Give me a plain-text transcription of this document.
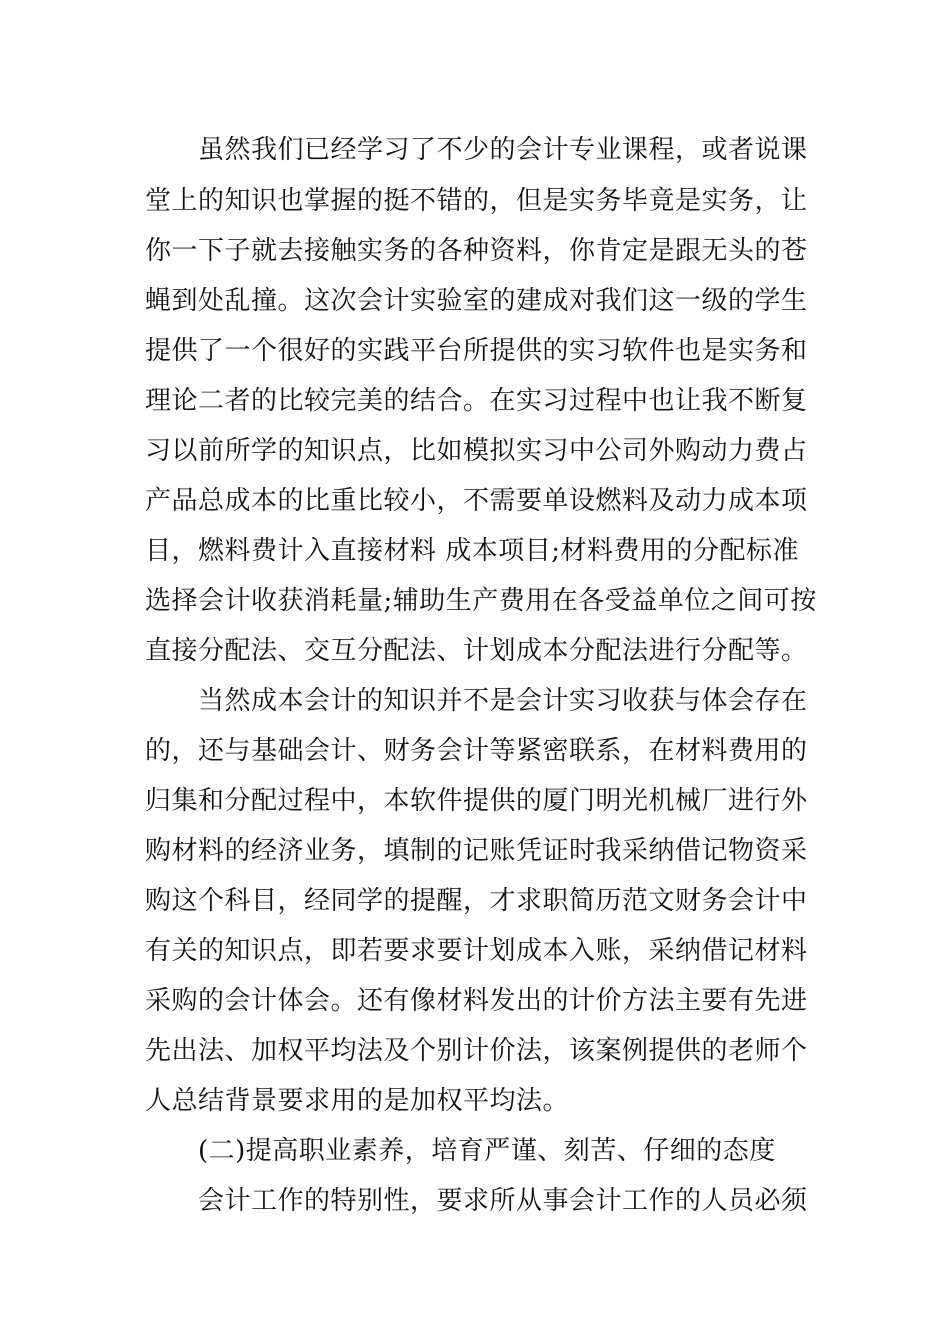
虽然我们已经学习了不少的会计专业课程，或者说课
堂上的知识也掌握的挺不错的，但是实务毕竟是实务，让
你一下子就去接触实务的各种资料，你肯定是跟无头的苍
蝇到处乱撞。这次会计实验室的建成对我们这一级的学生
提供了一个很好的实践平台所提供的实习软件也是实务和
理论二者的比较完美的结合。在实习过程中也让我不断复
习以前所学的知识点，比如模拟实习中公司外购动力费占
产品总成本的比重比较小，不需要单设燃料及动力成本项
目，燃料费计入直接材料 成本项目;材料费用的分配标准
选择会计收获消耗量;辅助生产费用在各受益单位之间可按
直接分配法、交互分配法、计划成本分配法进行分配等。
当然成本会计的知识并不是会计实习收获与体会存在
的，还与基础会计、财务会计等紧密联系，在材料费用的
归集和分配过程中，本软件提供的厦门明光机械厂进行外
购材料的经济业务，填制的记账凭证时我采纳借记物资采
购这个科目，经同学的提醒，才求职简历范文财务会计中
有关的知识点，即若要求要计划成本入账，采纳借记材料
采购的会计体会。还有像材料发出的计价方法主要有先进
先出法、加权平均法及个别计价法，该案例提供的老师个
人总结背景要求用的是加权平均法。
(二)提高职业素养，培育严谨、刻苦、仔细的态度
会计工作的特别性，要求所从事会计工作的人员必须
